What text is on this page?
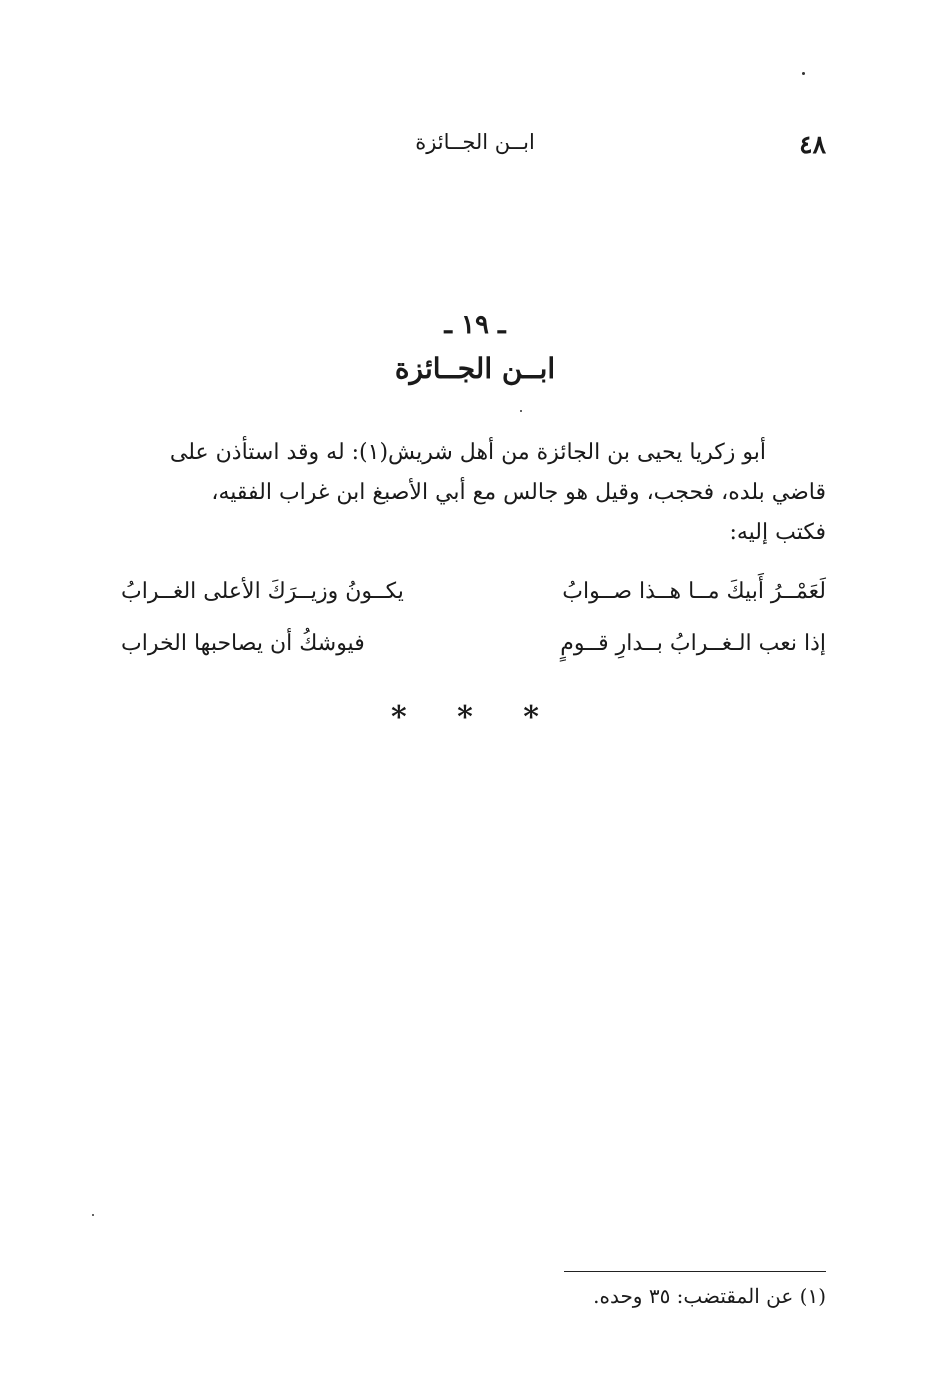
٤٨

ابــن الجــائزة

ـ ١٩ ـ

ابــن الجــائزة

أبو زكريا يحيى بن الجائزة من أهل شريش(١): له وقد استأذن على
قاضي بلده، فحجب، وقيل هو جالس مع أبي الأصبغ ابن غراب الفقيه،
فكتب إليه:

لَعَمْــرُ أَبيكَ مــا هــذا صــوابُ
يكــونُ وزيــرَكَ الأعلى الغــرابُ
إذا نعب الـغــرابُ بــدارِ قــومٍ
فيوشكُ أن يصاحبها الخراب

* * *

(١) عن المقتضب: ٣٥ وحده.
